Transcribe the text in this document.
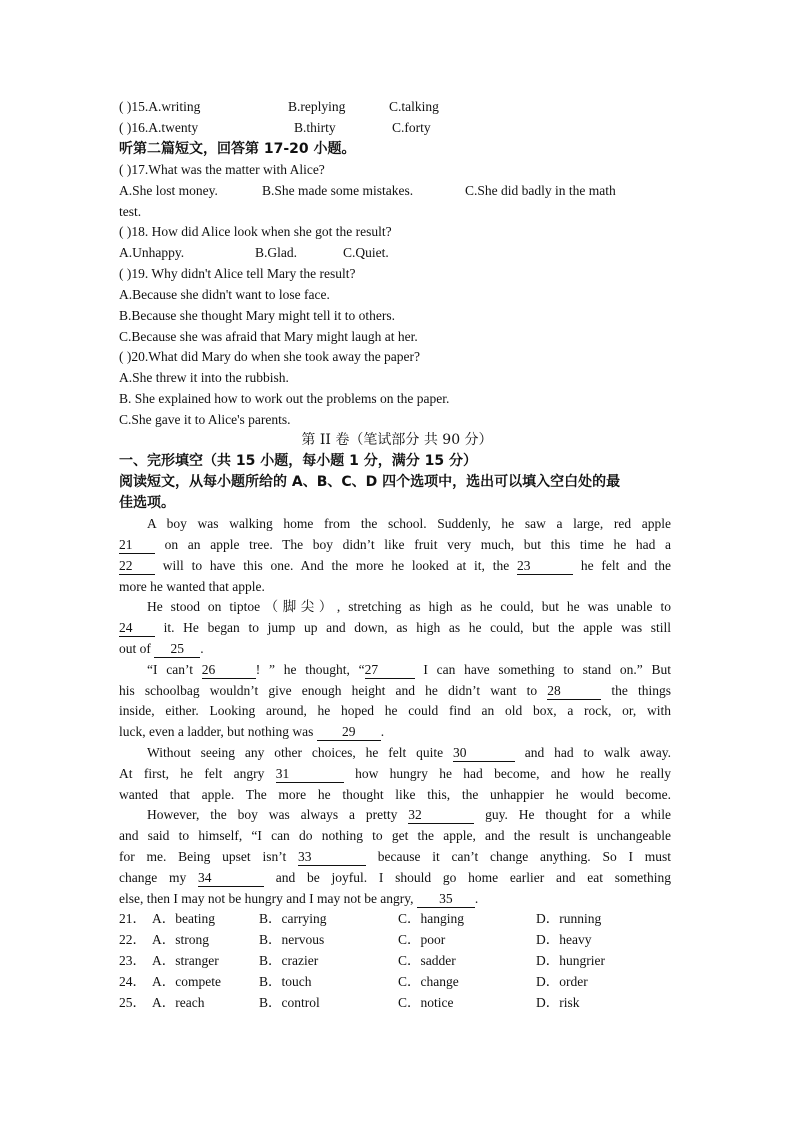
( )15.A.writing	B.replying	C.talking
( )16.A.twenty	B.thirty	C.forty
听第二篇短文，回答第 17-20 小题。
( )17.What was the matter with Alice?
A.She lost money.	B.She made some mistakes.	C.She did badly in the math
test.
( )18. How did Alice look when she got the result?
A.Unhappy.	B.Glad.	C.Quiet.
( )19. Why didn't Alice tell Mary the result?
A.Because she didn't want to lose face.
B.Because she thought Mary might tell it to others.
C.Because she was afraid that Mary might laugh at her.
( )20.What did Mary do when she took away the paper?
A.She threw it into the rubbish.
B. She explained how to work out the problems on the paper.
C.She gave it to Alice's parents.
第 II 卷（笔试部分 共 90 分）
一、完形填空（共 15 小题，每小题 1 分，满分 15 分）
阅读短文，从每小题所给的 A、B、C、D 四个选项中，选出可以填入空白处的最
佳选项。
A boy was walking home from the school. Suddenly, he saw a large, red apple
21 on an apple tree. The boy didn’t like fruit very much, but this time he had a
22 will to have this one. And the more he looked at it, the 23	he felt and the
more he wanted that apple.
He stood on tiptoe（脚尖）, stretching as high as he could, but he was unable to
24 it. He began to jump up and down, as high as he could, but the apple was still
out of 25 .
“I can’t 26	! ” he thought, “27	I can have something to stand on.” But
his schoolbag wouldn’t give enough height and he didn’t want to 28	the things
inside, either. Looking around, he hoped he could find an old box, a rock, or, with
luck, even a ladder, but nothing was 29 .
Without seeing any other choices, he felt quite 30	and had to walk away.
At first, he felt angry 31	how hungry he had become, and how he really
wanted that apple. The more he thought like this, the unhappier he would become.
However, the boy was always a pretty 32	guy. He thought for a while
and said to himself, “I can do nothing to get the apple, and the result is unchangeable
for me. Being upset isn’t 33	because it can’t change anything. So I must
change my 34	and be joyful. I should go home earlier and eat something
else, then I may not be hungry and I may not be angry, 35 .
21． A．beating	B．carrying	C．hanging	D．running
22． A．strong	B．nervous	C．poor	D．heavy
23． A．stranger	B．crazier	C．sadder	D．hungrier
24． A．compete	B．touch	C．change	D．order
25． A．reach	B．control	C．notice	D．risk
